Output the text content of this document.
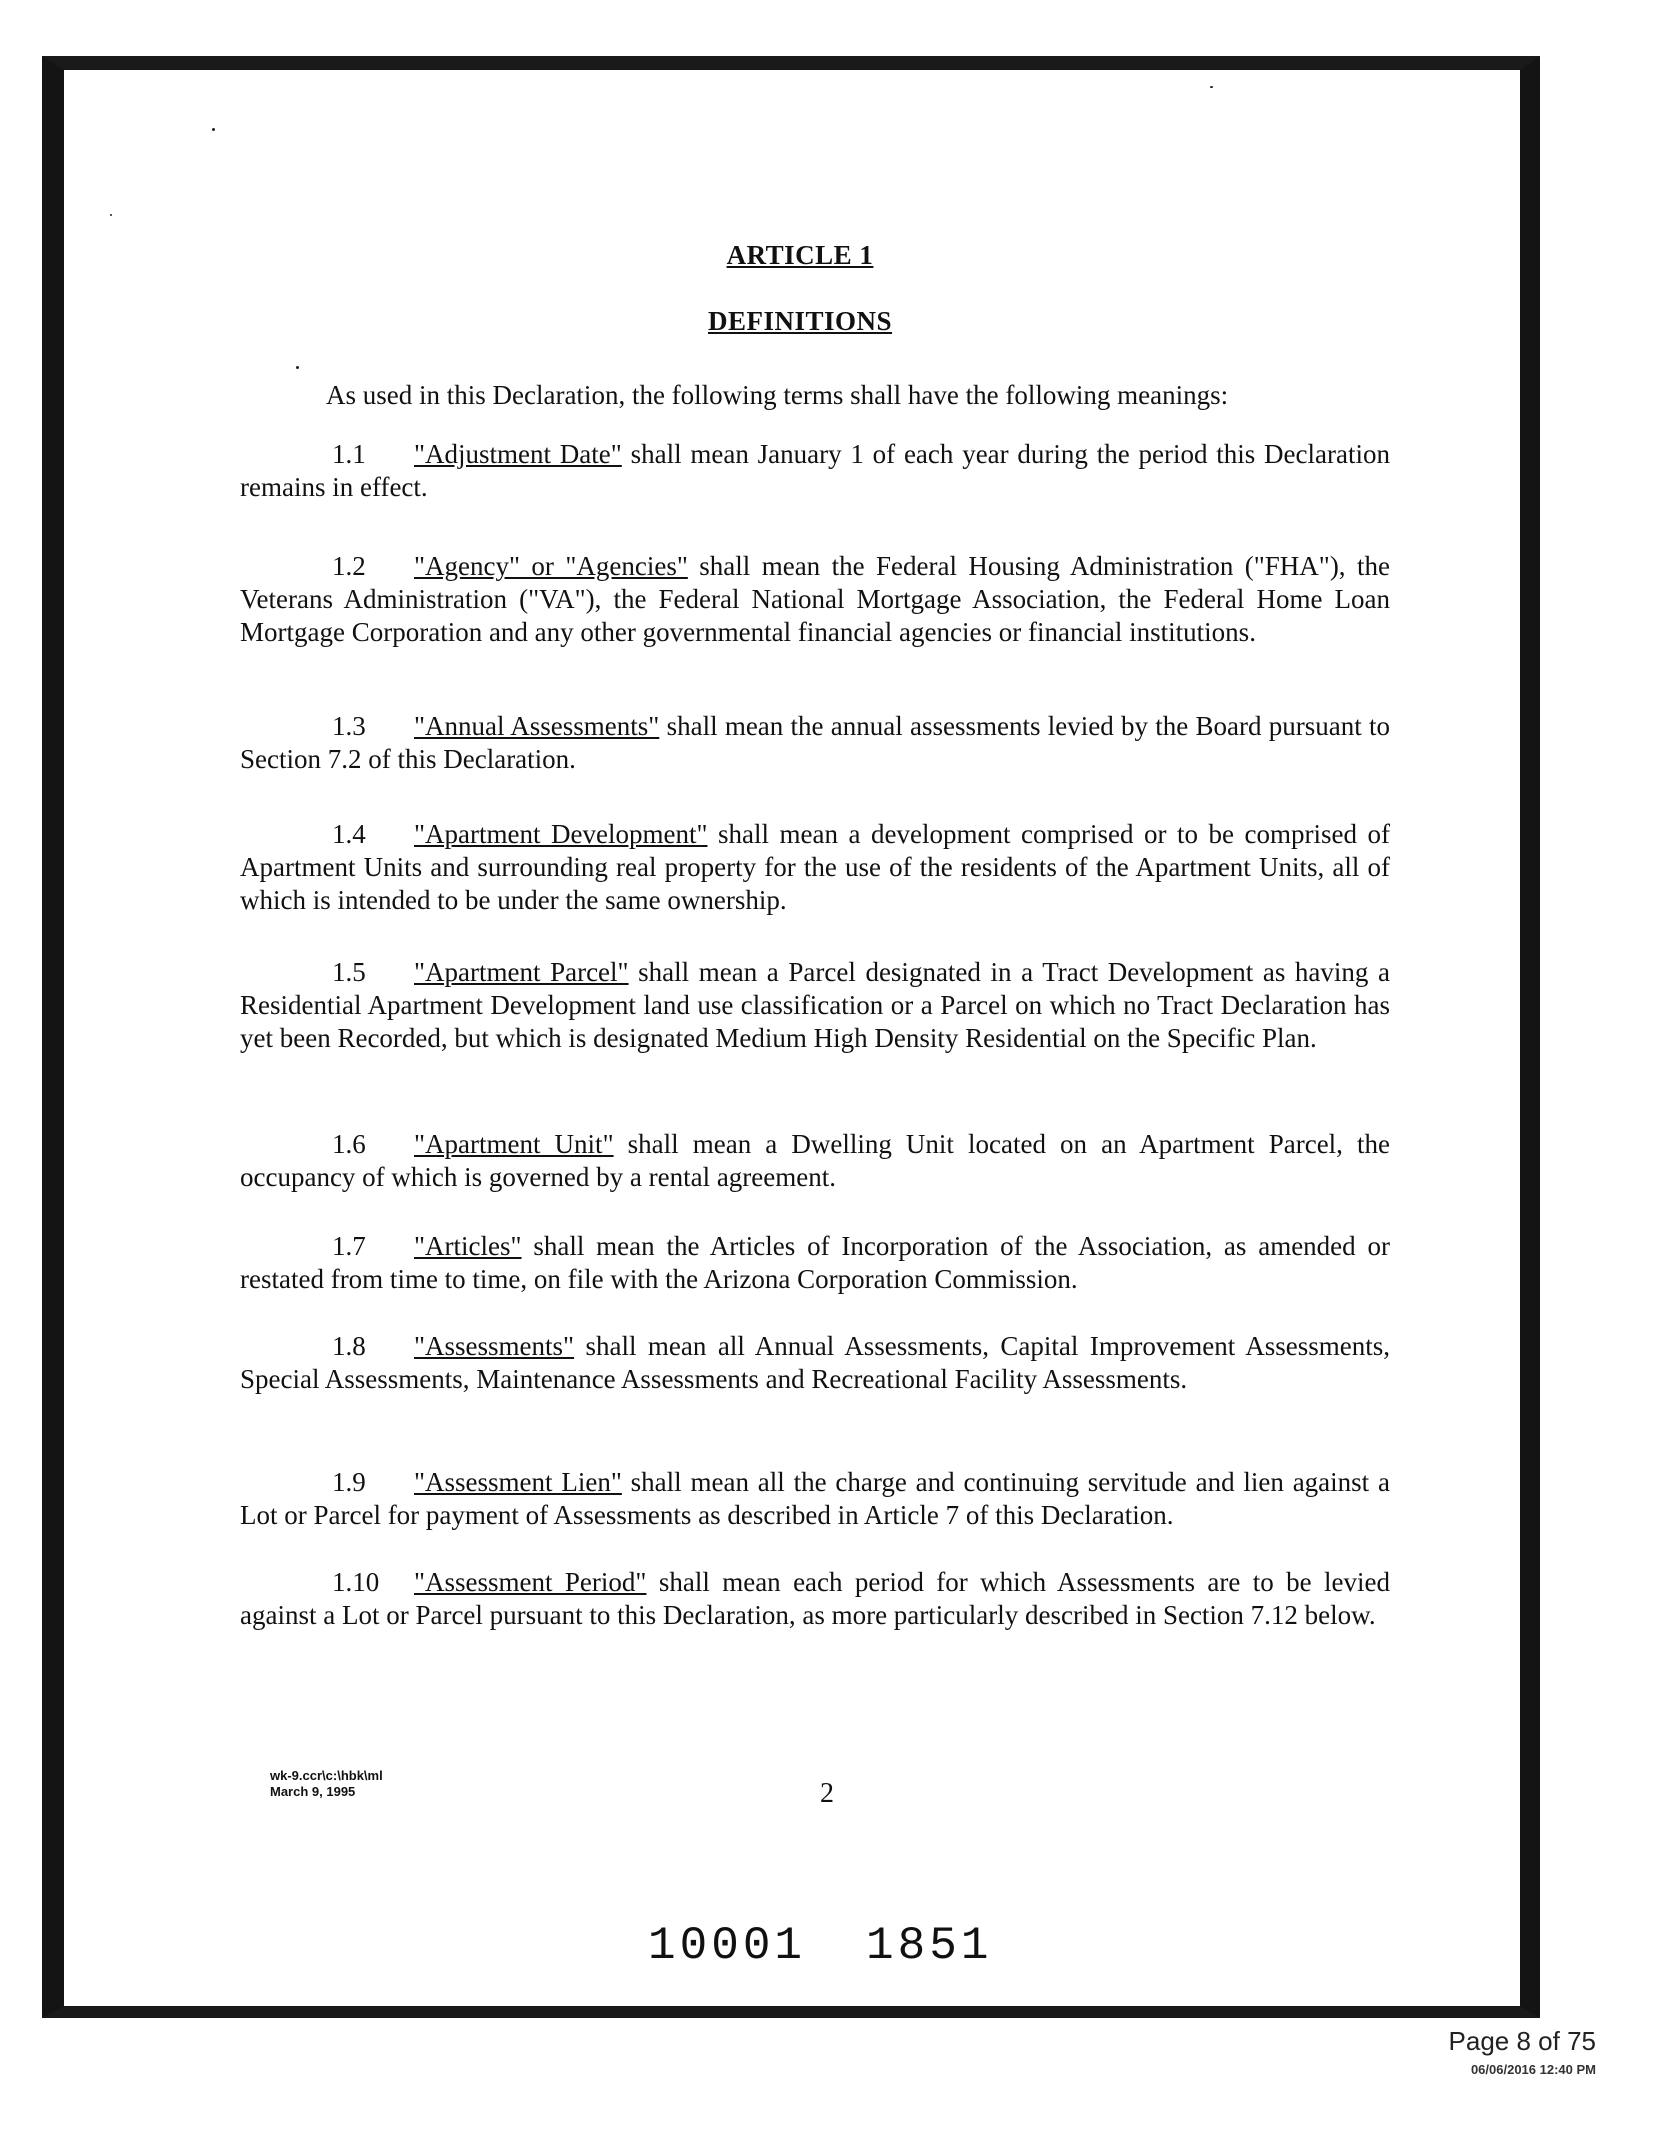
ARTICLE 1
DEFINITIONS
As used in this Declaration, the following terms shall have the following meanings:
1.1 "Adjustment Date" shall mean January 1 of each year during the period this Declaration remains in effect.
1.2 "Agency" or "Agencies" shall mean the Federal Housing Administration ("FHA"), the Veterans Administration ("VA"), the Federal National Mortgage Association, the Federal Home Loan Mortgage Corporation and any other governmental financial agencies or financial institutions.
1.3 "Annual Assessments" shall mean the annual assessments levied by the Board pursuant to Section 7.2 of this Declaration.
1.4 "Apartment Development" shall mean a development comprised or to be comprised of Apartment Units and surrounding real property for the use of the residents of the Apartment Units, all of which is intended to be under the same ownership.
1.5 "Apartment Parcel" shall mean a Parcel designated in a Tract Development as having a Residential Apartment Development land use classification or a Parcel on which no Tract Declaration has yet been Recorded, but which is designated Medium High Density Residential on the Specific Plan.
1.6 "Apartment Unit" shall mean a Dwelling Unit located on an Apartment Parcel, the occupancy of which is governed by a rental agreement.
1.7 "Articles" shall mean the Articles of Incorporation of the Association, as amended or restated from time to time, on file with the Arizona Corporation Commission.
1.8 "Assessments" shall mean all Annual Assessments, Capital Improvement Assessments, Special Assessments, Maintenance Assessments and Recreational Facility Assessments.
1.9 "Assessment Lien" shall mean all the charge and continuing servitude and lien against a Lot or Parcel for payment of Assessments as described in Article 7 of this Declaration.
1.10 "Assessment Period" shall mean each period for which Assessments are to be levied against a Lot or Parcel pursuant to this Declaration, as more particularly described in Section 7.12 below.
wk-9.ccr\c:\hbk\ml
March 9, 1995	2
10001 1851
Page 8 of 75
06/06/2016 12:40 PM
